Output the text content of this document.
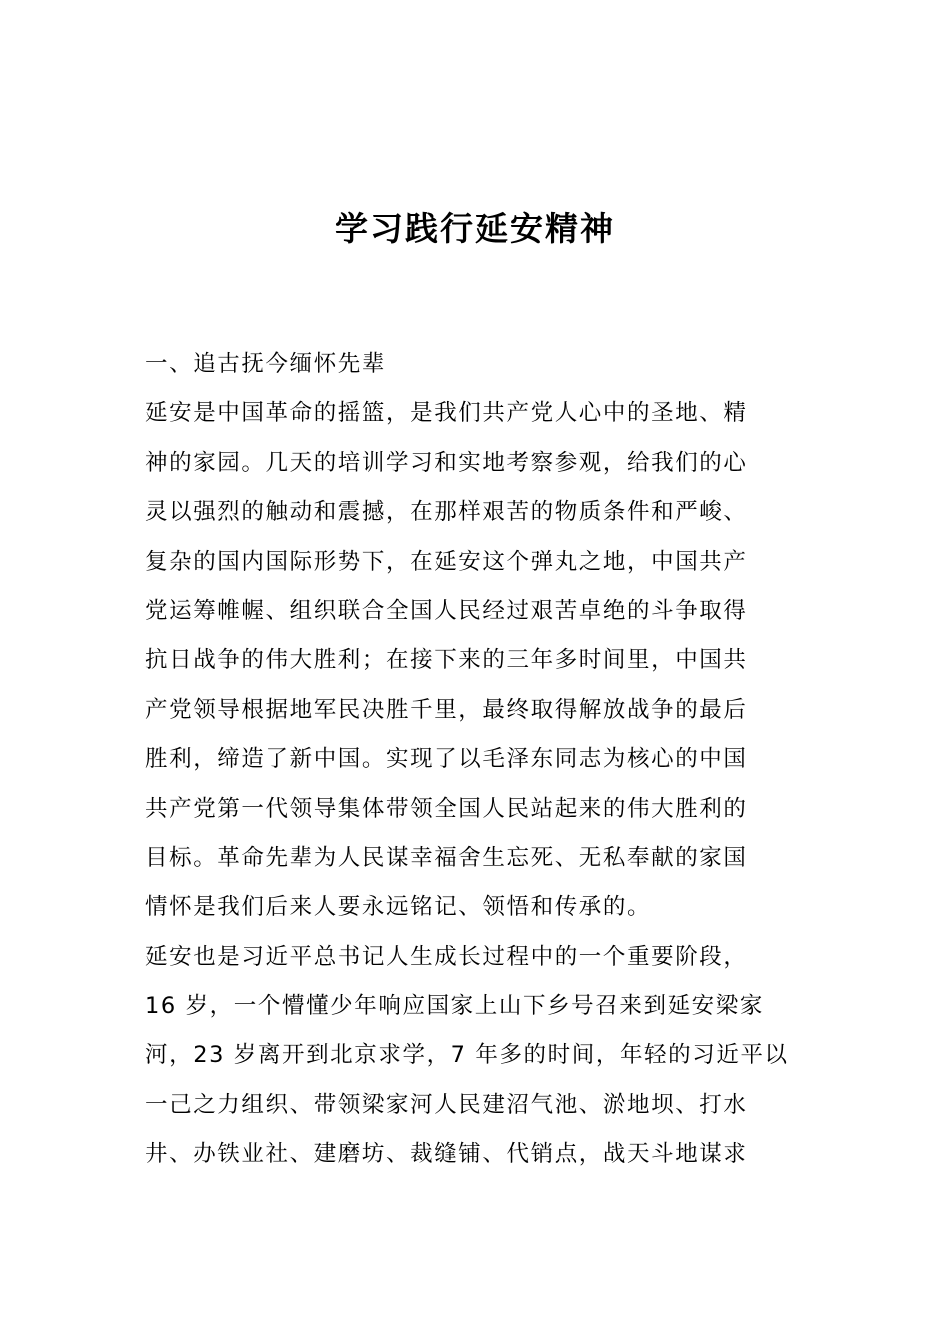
学习践行延安精神
一、追古抚今缅怀先辈
延安是中国革命的摇篮，是我们共产党人心中的圣地、精
神的家园。几天的培训学习和实地考察参观，给我们的心
灵以强烈的触动和震撼，在那样艰苦的物质条件和严峻、
复杂的国内国际形势下，在延安这个弹丸之地，中国共产
党运筹帷幄、组织联合全国人民经过艰苦卓绝的斗争取得
抗日战争的伟大胜利；在接下来的三年多时间里，中国共
产党领导根据地军民决胜千里，最终取得解放战争的最后
胜利，缔造了新中国。实现了以毛泽东同志为核心的中国
共产党第一代领导集体带领全国人民站起来的伟大胜利的
目标。革命先辈为人民谋幸福舍生忘死、无私奉献的家国
情怀是我们后来人要永远铭记、领悟和传承的。
延安也是习近平总书记人生成长过程中的一个重要阶段，
16 岁，一个懵懂少年响应国家上山下乡号召来到延安梁家
河，23 岁离开到北京求学，7 年多的时间，年轻的习近平以
一己之力组织、带领梁家河人民建沼气池、淤地坝、打水
井、办铁业社、建磨坊、裁缝铺、代销点，战天斗地谋求
